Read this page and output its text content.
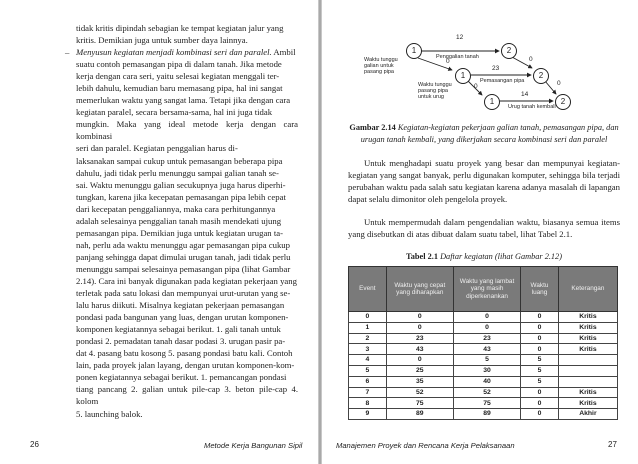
tidak kritis dipindah sebagian ke tempat kegiatan jalur yang

kritis. Demikian juga untuk sumber daya lainnya.

– Menyusun kegiatan menjadi kombinasi seri dan paralel. Ambil

suatu contoh pemasangan pipa di dalam tanah. Jika metode

kerja dengan cara seri, yaitu selesai kegiatan menggali ter-

lebih dahulu, kemudian baru memasang pipa, hal ini sangat

memerlukan waktu yang sangat lama. Tetapi jika dengan cara

kegiatan paralel, secara bersama-sama, hal ini juga tidak

mungkin. Maka yang ideal metode kerja dengan cara kombinasi

seri dan paralel. Kegiatan penggalian harus di-

laksanakan sampai cukup untuk pemasangan beberapa pipa

dahulu, jadi tidak perlu menunggu sampai galian tanah se-

sai. Waktu menunggu galian secukupnya juga harus diperhi-

tungkan, karena jika kecepatan pemasangan pipa lebih cepat

dari kecepatan penggaliannya, maka cara perhitungannya

adalah selesainya penggalian tanah masih mendekati ujung

pemasangan pipa. Demikian juga untuk kegiatan urugan ta-

nah, perlu ada waktu menunggu agar pemasangan pipa cukup

panjang sehingga dapat dimulai urugan tanah, jadi tidak perlu

menunggu sampai selesainya pemasangan pipa (lihat Gambar

2.14). Cara ini banyak digunakan pada kegiatan pekerjaan yang

terletak pada satu lokasi dan mempunyai urut-urutan yang se-

lalu harus diikuti. Misalnya kegiatan pekerjaan pemasangan

pondasi pada bangunan yang luas, dengan urutan komponen-

komponen kegiatannya sebagai berikut. 1. gali tanah untuk

pondasi 2. pemadatan tanah dasar podasi 3. urugan pasir pa-

dat 4. pasang batu kosong 5. pasang pondasi batu kali. Contoh

lain, pada proyek jalan layang, dengan urutan komponen-kom-

ponen kegiatannya sebagai berikut. 1. pemancangan pondasi

tiang pancang 2. galian untuk pile-cap 3. beton pile-cap 4. kolom

5. launching balok.

26	Metode Kerja Bangunan Sipil
1	2
1	2
1	2
12
Penggalian tanah
23
Pemasangan pipa
14
Urug tanah kembali
0
0
0
0
Waktu tunggu galian untuk pasang pipa
Waktu tunggu pasang pipa untuk urug
Gambar 2.14 Kegiatan-kegiatan pekerjaan galian tanah, pemasangan pipa, dan urugan tanah kembali, yang dikerjakan secara kombinasi seri dan paralel

Untuk menghadapi suatu proyek yang besar dan mempunyai kegiatan-kegiatan yang sangat banyak, perlu digunakan komputer, sehingga bila terjadi perubahan waktu pada salah satu kegiatan karena adanya masalah di lapangan dapat selalu dimonitor oleh pengelola proyek.

Untuk mempermudah dalam pengendalian waktu, biasanya semua items yang disebutkan di atas dibuat dalam suatu tabel, lihat Tabel 2.1.

Tabel 2.1 Daftar kegiatan (lihat Gambar 2.12)
Event	Waktu yang cepat yang diharapkan	Waktu yang lambat yang masih diperkenankan	Waktu luang	Keterangan
0	0	0	0	Kritis
1	0	0	0	Kritis
2	23	23	0	Kritis
3	43	43	0	Kritis
4	0	5	5	
5	25	30	5	
6	35	40	5	
7	52	52	0	Kritis
8	75	75	0	Kritis
9	89	89	0	Akhir
Manajemen Proyek dan Rencana Kerja Pelaksanaan	27
